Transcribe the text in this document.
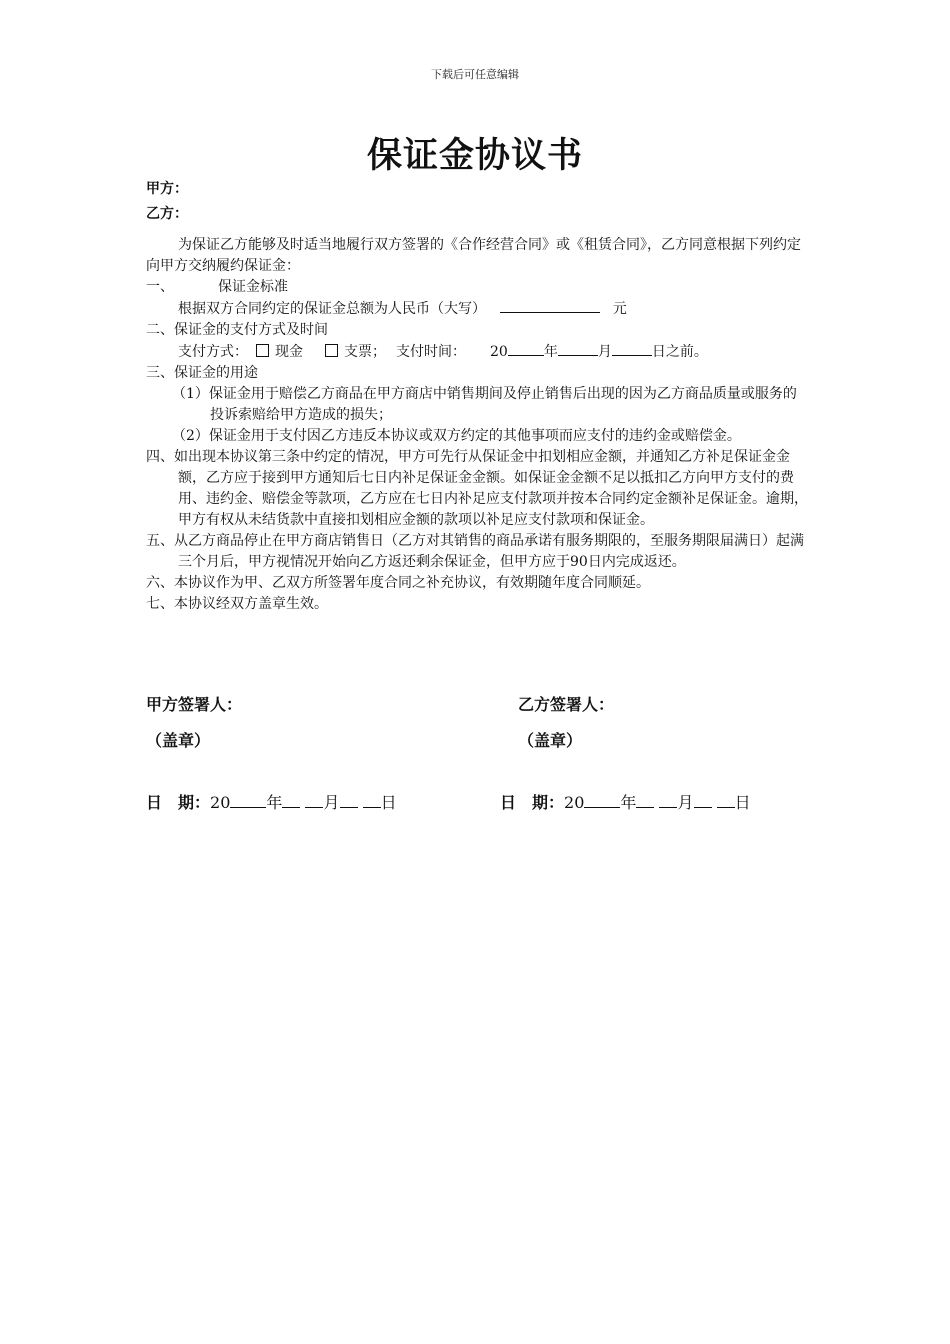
下载后可任意编辑
保证金协议书
甲方：
乙方：

为保证乙方能够及时适当地履行双方签署的《合作经营合同》或《租赁合同》，乙方同意根据下列约定向甲方交纳履约保证金：

一、	保证金标准

根据双方合同约定的保证金总额为人民币（大写）	元

二、保证金的支付方式及时间

支付方式： 现金	支票； 支付时间： 20	年	月	日之前。

三、保证金的用途

（1）保证金用于赔偿乙方商品在甲方商店中销售期间及停止销售后出现的因为乙方商品质量或服务的投诉索赔给甲方造成的损失；

（2）保证金用于支付因乙方违反本协议或双方约定的其他事项而应支付的违约金或赔偿金。

四、如出现本协议第三条中约定的情况，甲方可先行从保证金中扣划相应金额，并通知乙方补足保证金金额，乙方应于接到甲方通知后七日内补足保证金金额。如保证金金额不足以抵扣乙方向甲方支付的费用、违约金、赔偿金等款项，乙方应在七日内补足应支付款项并按本合同约定金额补足保证金。逾期，甲方有权从未结货款中直接扣划相应金额的款项以补足应支付款项和保证金。

五、从乙方商品停止在甲方商店销售日（乙方对其销售的商品承诺有服务期限的，至服务期限届满日）起满三个月后，甲方视情况开始向乙方返还剩余保证金，但甲方应于90日内完成返还。

六、本协议作为甲、乙双方所签署年度合同之补充协议，有效期随年度合同顺延。

七、本协议经双方盖章生效。

甲方签署人：	乙方签署人：
（盖章）	（盖章）
日　期：20 年	月	日	日　期：20 年	月	日
